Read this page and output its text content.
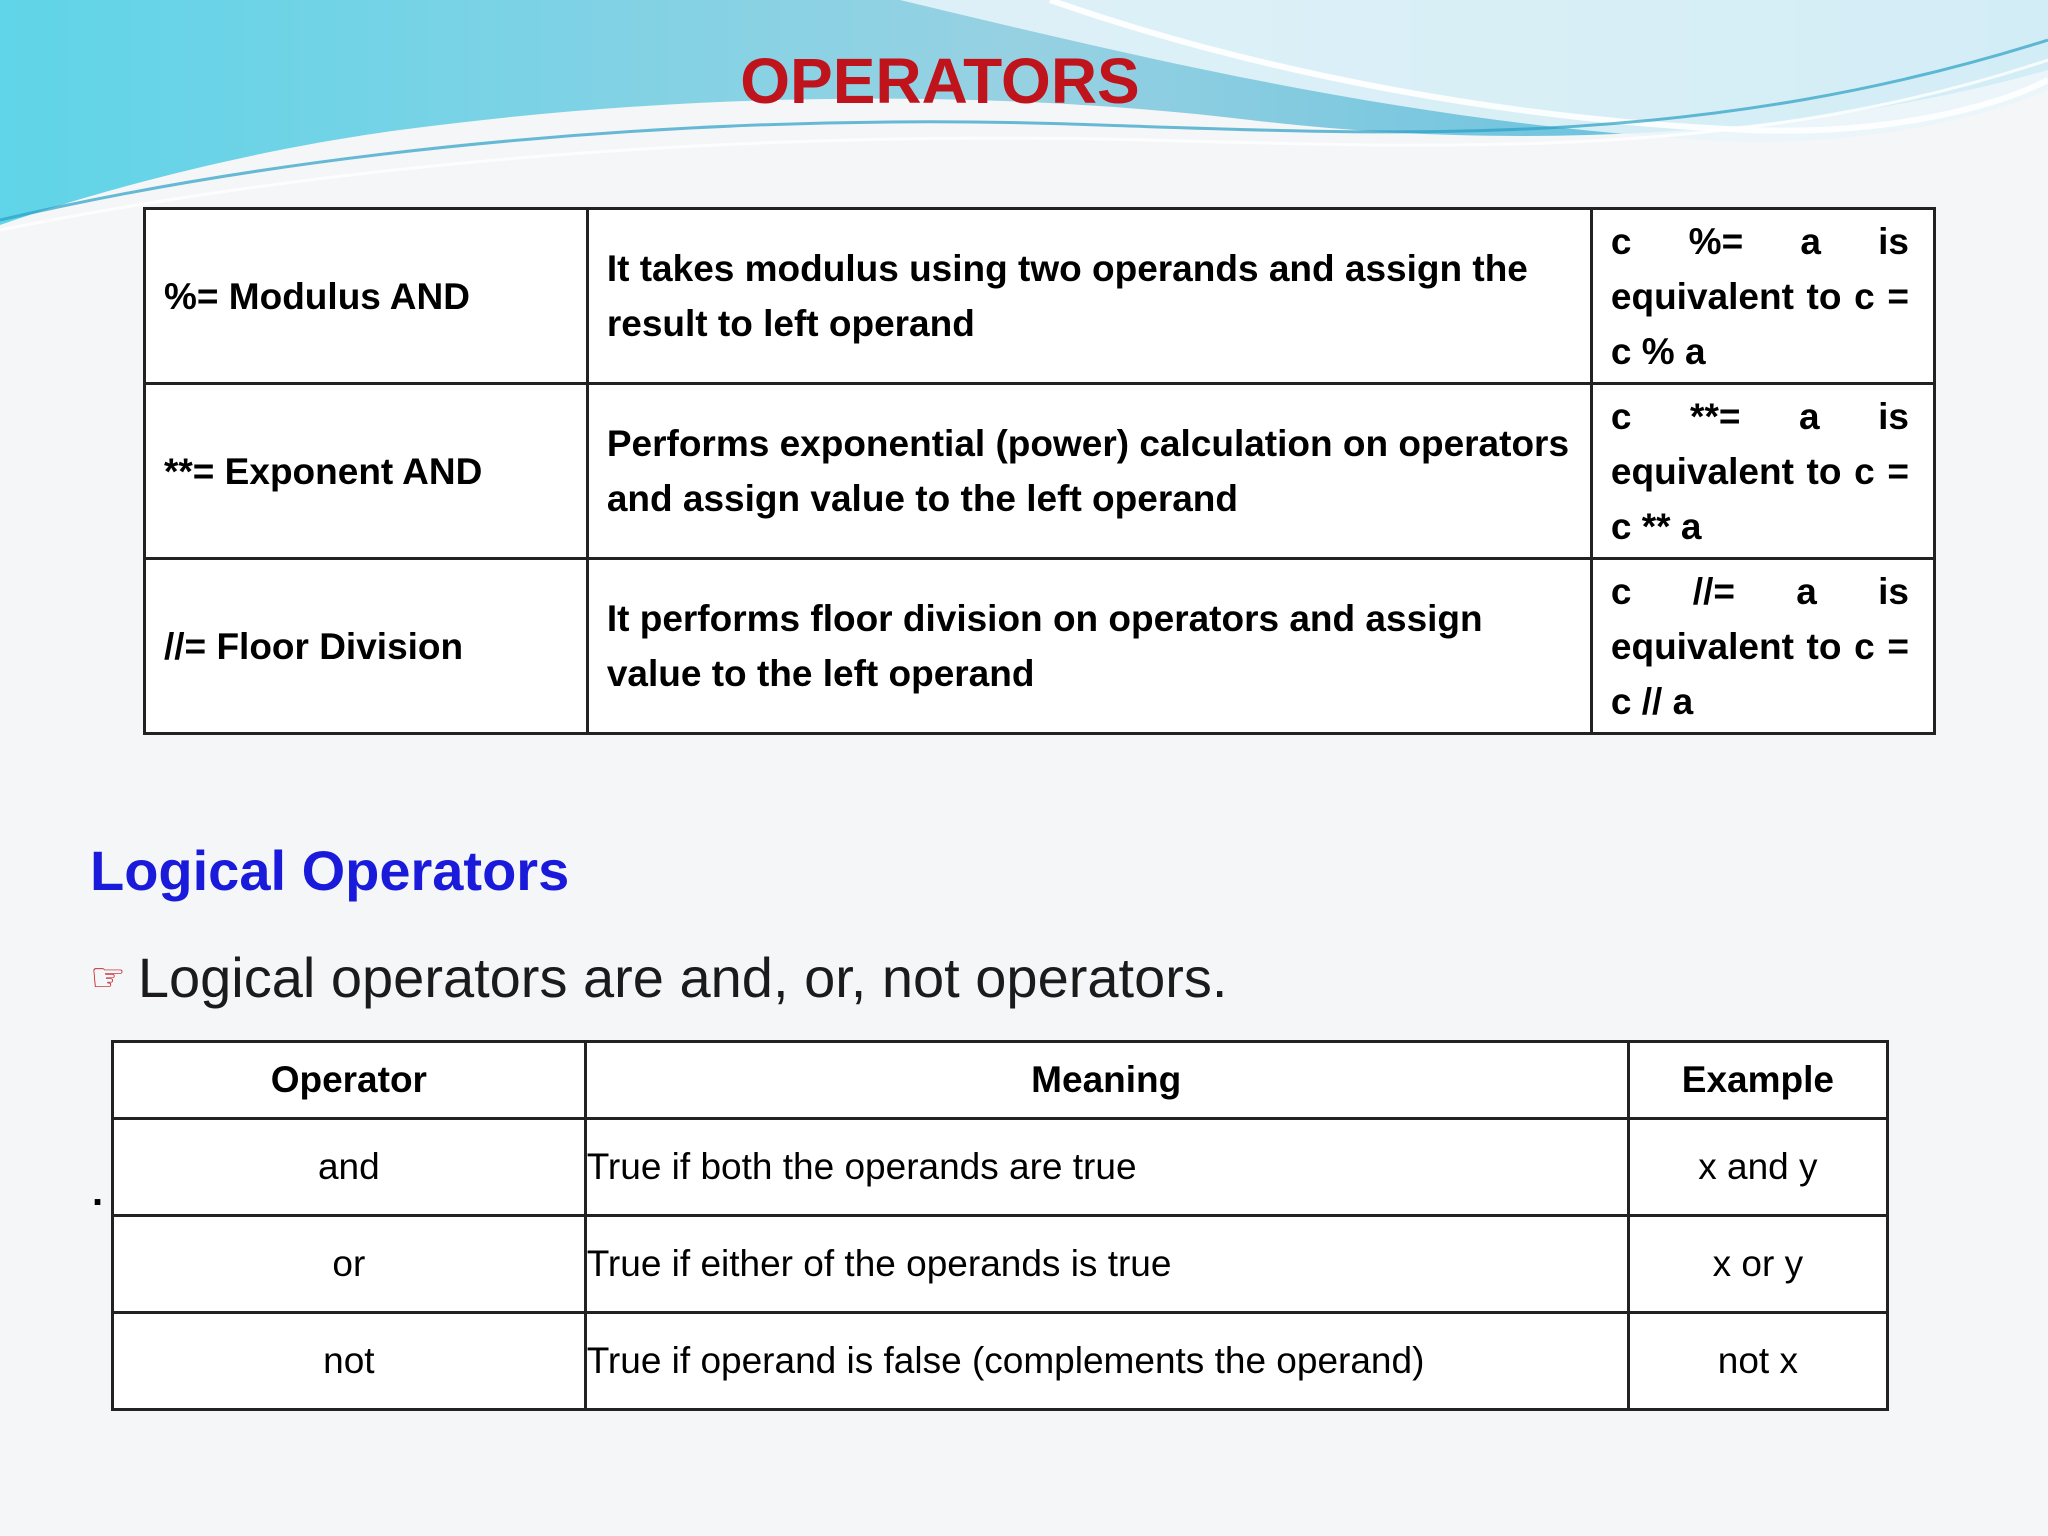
OPERATORS
%= Modulus AND	It takes modulus using two operands and assign the result to left operand	c %= a is equivalent to c = c % a
**= Exponent AND	Performs exponential (power) calculation on operators and assign value to the left operand	c **= a is equivalent to c = c ** a
//= Floor Division	It performs floor division on operators and assign value to the left operand	c //= a is equivalent to c = c // a
Logical Operators
☞ Logical operators are and, or, not operators.
.
Operator	Meaning	Example
and	True if both the operands are true	x and y
or	True if either of the operands is true	x or y
not	True if operand is false (complements the operand)	not x
